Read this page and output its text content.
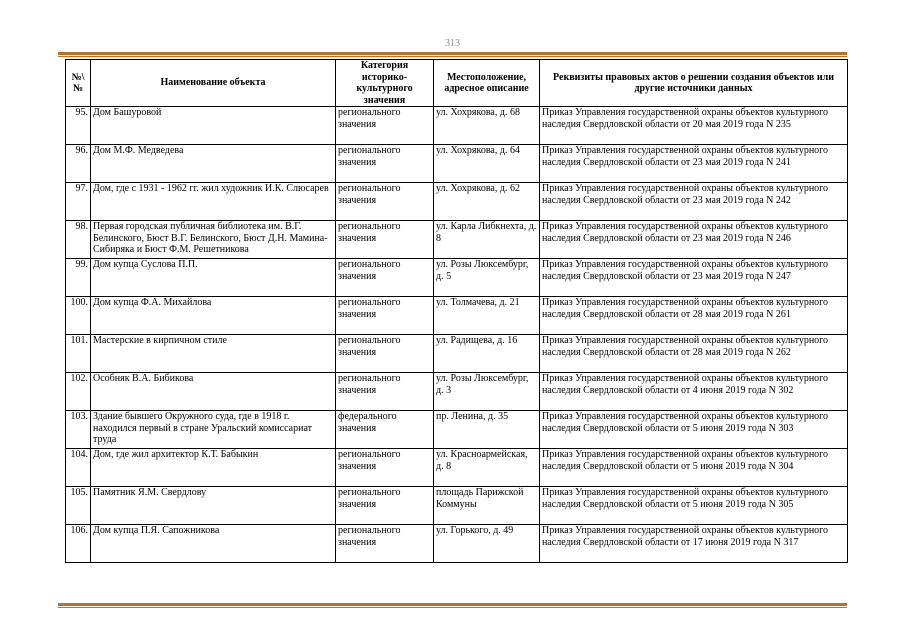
313
№\№	Наименование объекта	Категория историко-культурного значения	Местоположение, адресное описание	Реквизиты правовых актов о решении создания объектов или другие источники данных
95.	Дом Башуровой	регионального значения	ул. Хохрякова, д. 68	Приказ Управления государственной охраны объектов культурного наследия Свердловской области от 20 мая 2019 года N 235
96.	Дом М.Ф. Медведева	регионального значения	ул. Хохрякова, д. 64	Приказ Управления государственной охраны объектов культурного наследия Свердловской области от 23 мая 2019 года N 241
97.	Дом, где с 1931 - 1962 гг. жил художник И.К. Слюсарев	регионального значения	ул. Хохрякова, д. 62	Приказ Управления государственной охраны объектов культурного наследия Свердловской области от 23 мая 2019 года N 242
98.	Первая городская публичная библиотека им. В.Г. Белинского, Бюст В.Г. Белинского, Бюст Д.Н. Мамина-Сибиряка и Бюст Ф.М. Решетникова	регионального значения	ул. Карла Либкнехта, д. 8	Приказ Управления государственной охраны объектов культурного наследия Свердловской области от 23 мая 2019 года N 246
99.	Дом купца Суслова П.П.	регионального значения	ул. Розы Люксембург, д. 5	Приказ Управления государственной охраны объектов культурного наследия Свердловской области от 23 мая 2019 года N 247
100.	Дом купца Ф.А. Михайлова	регионального значения	ул. Толмачева, д. 21	Приказ Управления государственной охраны объектов культурного наследия Свердловской области от 28 мая 2019 года N 261
101.	Мастерские в кирпичном стиле	регионального значения	ул. Радищева, д. 16	Приказ Управления государственной охраны объектов культурного наследия Свердловской области от 28 мая 2019 года N 262
102.	Особняк В.А. Бибикова	регионального значения	ул. Розы Люксембург, д. 3	Приказ Управления государственной охраны объектов культурного наследия Свердловской области от 4 июня 2019 года N 302
103.	Здание бывшего Окружного суда, где в 1918 г. находился первый в стране Уральский комиссариат труда	федерального значения	пр. Ленина, д. 35	Приказ Управления государственной охраны объектов культурного наследия Свердловской области от 5 июня 2019 года N 303
104.	Дом, где жил архитектор К.Т. Бабыкин	регионального значения	ул. Красноармейская, д. 8	Приказ Управления государственной охраны объектов культурного наследия Свердловской области от 5 июня 2019 года N 304
105.	Памятник Я.М. Свердлову	регионального значения	площадь Парижской Коммуны	Приказ Управления государственной охраны объектов культурного наследия Свердловской области от 5 июня 2019 года N 305
106.	Дом купца П.Я. Сапожникова	регионального значения	ул. Горького, д. 49	Приказ Управления государственной охраны объектов культурного наследия Свердловской области от 17 июня 2019 года N 317
